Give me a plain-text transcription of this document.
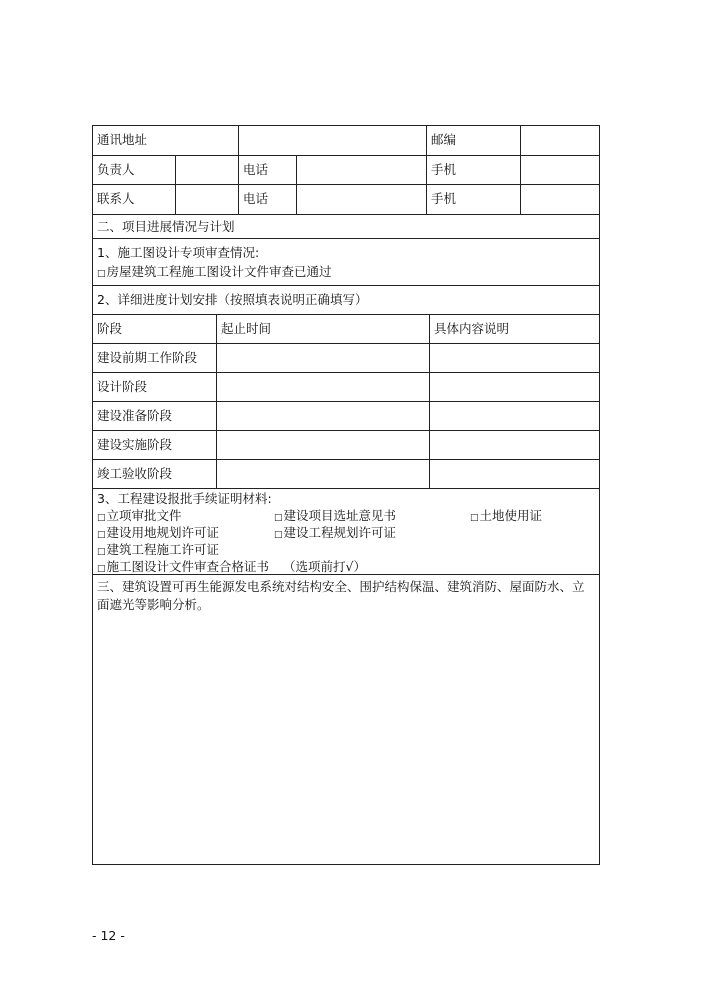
通讯地址	邮编
负责人	电话	手机
联系人	电话	手机
二、项目进展情况与计划
1、施工图设计专项审查情况:
□房屋建筑工程施工图设计文件审查已通过
2、详细进度计划安排（按照填表说明正确填写）
阶段	起止时间	具体内容说明
建设前期工作阶段
设计阶段
建设准备阶段
建设实施阶段
竣工验收阶段
3、工程建设报批手续证明材料:
□立项审批文件	□建设项目选址意见书	□土地使用证
□建设用地规划许可证	□建设工程规划许可证
□建筑工程施工许可证
□施工图设计文件审查合格证书 （选项前打√）
三、建筑设置可再生能源发电系统对结构安全、围护结构保温、建筑消防、屋面防水、立
面遮光等影响分析。
- 12 -
